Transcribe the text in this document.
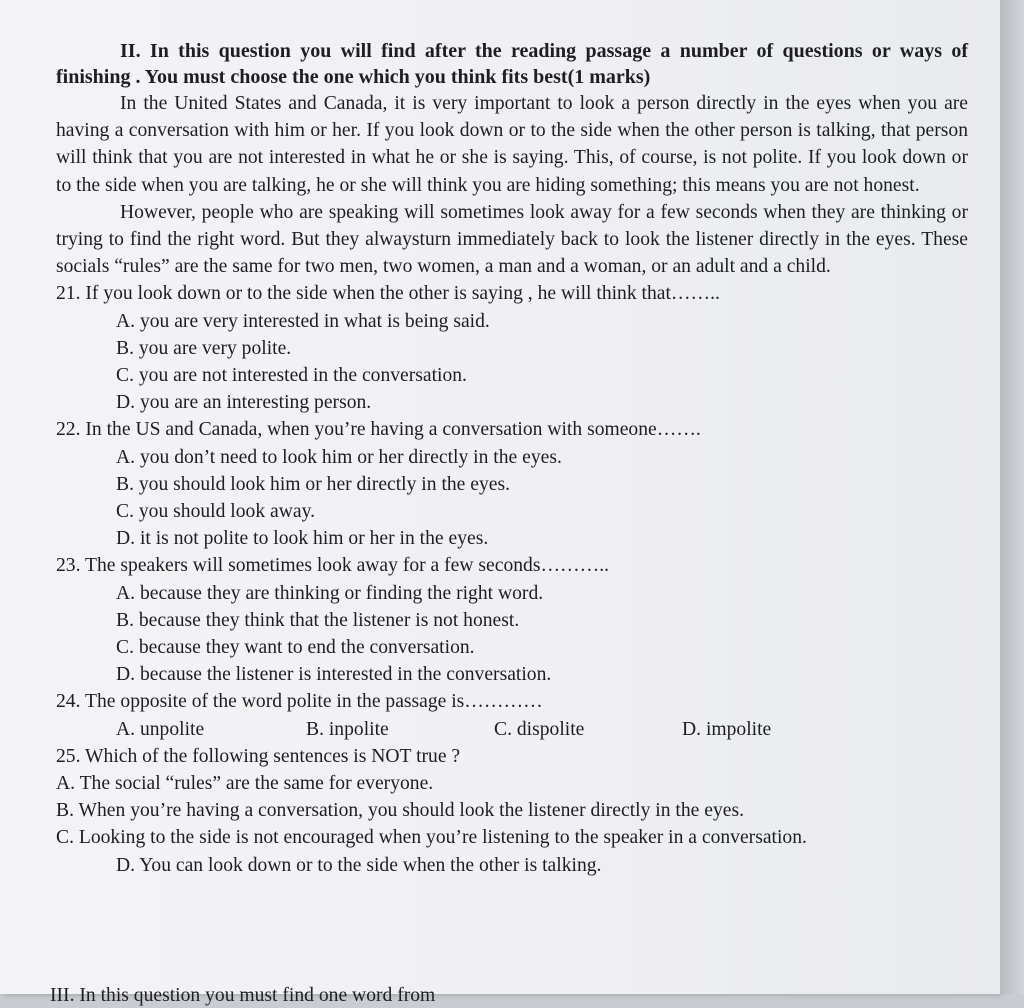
II. In this question you will find after the reading passage a number of questions or ways of finishing . You must choose the one which you think fits best(1 marks)

In the United States and Canada, it is very important to look a person directly in the eyes when you are having a conversation with him or her. If you look down or to the side when the other person is talking, that person will think that you are not interested in what he or she is saying. This, of course, is not polite. If you look down or to the side when you are talking, he or she will think you are hiding something; this means you are not honest.

However, people who are speaking will sometimes look away for a few seconds when they are thinking or trying to find the right word. But they alwaysturn immediately back to look the listener directly in the eyes. These socials “rules” are the same for two men, two women, a man and a woman, or an adult and a child.

21. If you look down or to the side when the other is saying , he will think that……..

A. you are very interested in what is being said.

B. you are very polite.

C. you are not interested in the conversation.

D. you are an interesting person.

22. In the US and Canada, when you’re having a conversation with someone…….

A. you don’t need to look him or her directly in the eyes.

B. you should look him or her directly in the eyes.

C. you should look away.

D. it is not polite to look him or her in the eyes.

23. The speakers will sometimes look away for a few seconds………..

A. because they are thinking or finding the right word.

B. because they think that the listener is not honest.

C. because they want to end the conversation.

D. because the listener is interested in the conversation.

24. The opposite of the word polite in the passage is…………

A. unpolite	B. inpolite	C. dispolite	D. impolite

25. Which of the following sentences is NOT true ?

A. The social “rules” are the same for everyone.

B. When you’re having a conversation, you should look the listener directly in the eyes.

C. Looking to the side is not encouraged when you’re listening to the speaker in a conversation.

D. You can look down or to the side when the other is talking.

III. In this question you must find one word from
